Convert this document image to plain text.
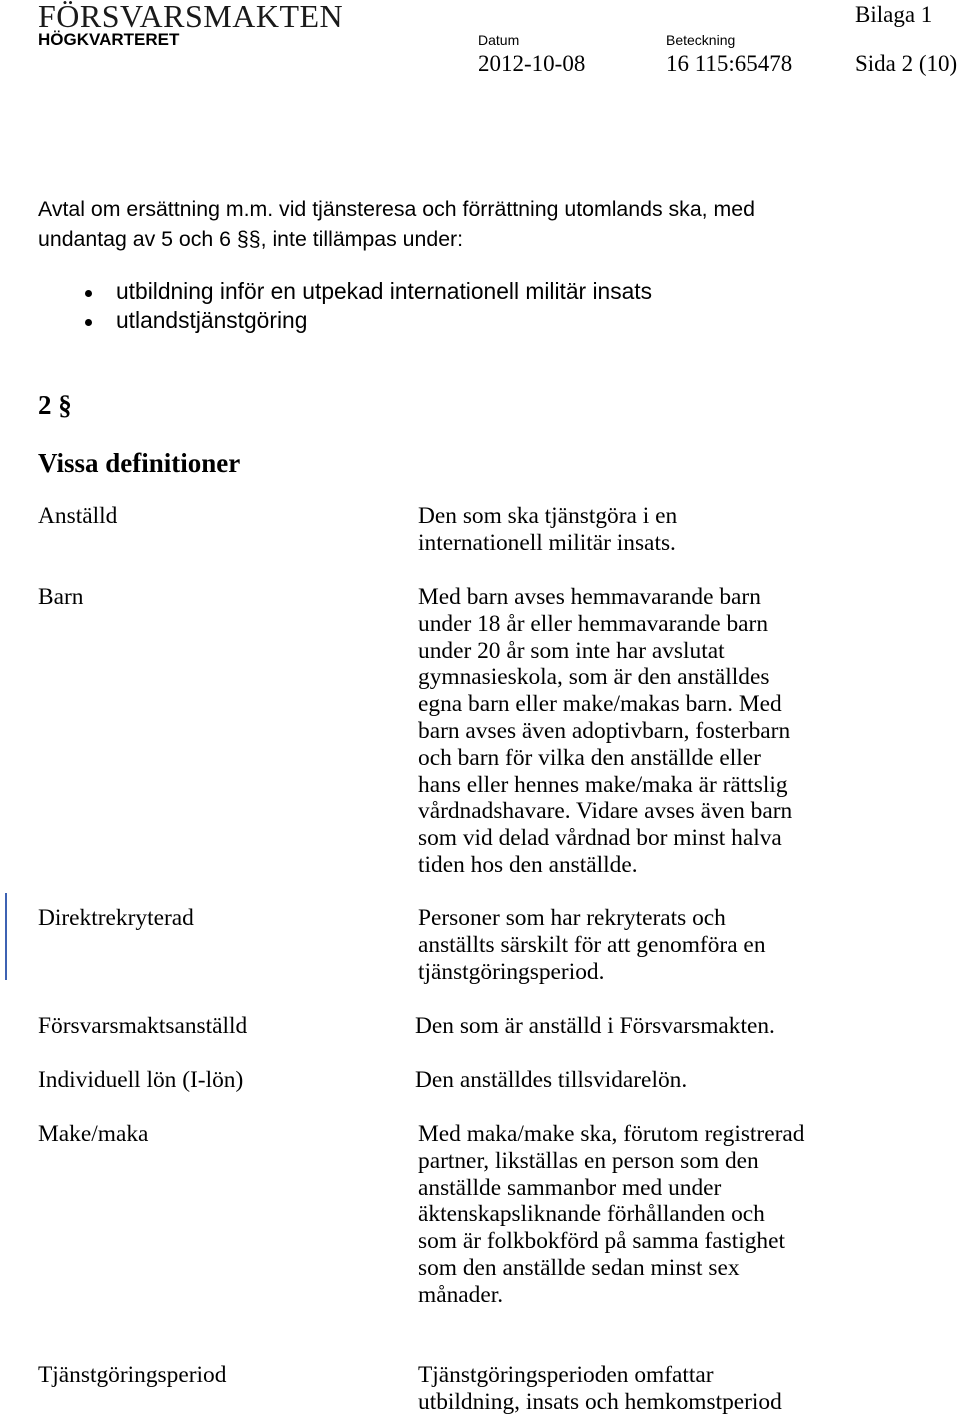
FÖRSVARSMAKTEN
HÖGKVARTERET
Bilaga 1
Datum	Beteckning
2012-10-08	16 115:65478	Sida 2 (10)
Avtal om ersättning m.m. vid tjänsteresa och förrättning utomlands ska, med
undantag av 5 och 6 §§, inte tillämpas under:
utbildning inför en utpekad internationell militär insats
utlandstjänstgöring
2 §
Vissa definitioner
Anställd	Den som ska tjänstgöra i en
internationell militär insats.
Barn	Med barn avses hemmavarande barn
under 18 år eller hemmavarande barn
under 20 år som inte har avslutat
gymnasieskola, som är den anställdes
egna barn eller make/makas barn. Med
barn avses även adoptivbarn, fosterbarn
och barn för vilka den anställde eller
hans eller hennes make/maka är rättslig
vårdnadshavare. Vidare avses även barn
som vid delad vårdnad bor minst halva
tiden hos den anställde.
Direktrekryterad	Personer som har rekryterats och
anställts särskilt för att genomföra en
tjänstgöringsperiod.
Försvarsmaktsanställd	Den som är anställd i Försvarsmakten.
Individuell lön (I-lön)	Den anställdes tillsvidarelön.
Make/maka	Med maka/make ska, förutom registrerad
partner, likställas en person som den
anställde sammanbor med under
äktenskapsliknande förhållanden och
som är folkbokförd på samma fastighet
som den anställde sedan minst sex
månader.
Tjänstgöringsperiod	Tjänstgöringsperioden omfattar
utbildning, insats och hemkomstperiod
